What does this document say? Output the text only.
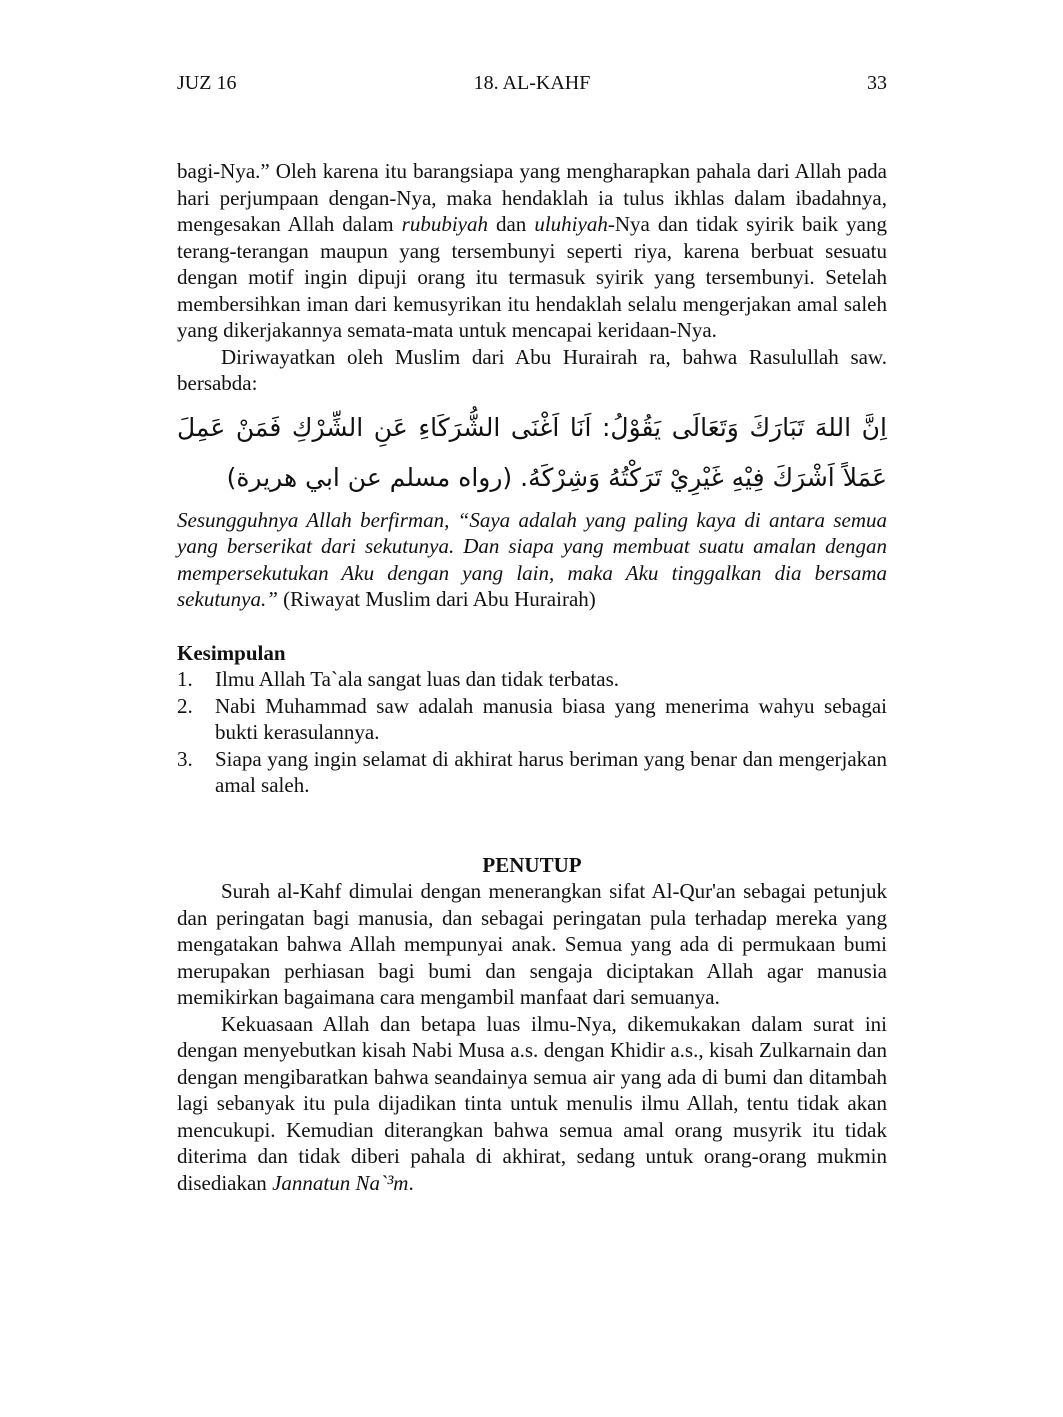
JUZ 16	18. AL-KAHF	33

bagi-Nya.” Oleh karena itu barangsiapa yang mengharapkan pahala dari Allah pada hari perjumpaan dengan-Nya, maka hendaklah ia tulus ikhlas dalam ibadahnya, mengesakan Allah dalam rububiyah dan uluhiyah-Nya dan tidak syirik baik yang terang-terangan maupun yang tersembunyi seperti riya, karena berbuat sesuatu dengan motif ingin dipuji orang itu termasuk syirik yang tersembunyi. Setelah membersihkan iman dari kemusyrikan itu hendaklah selalu mengerjakan amal saleh yang dikerjakannya semata-mata untuk mencapai keridaan-Nya.

Diriwayatkan oleh Muslim dari Abu Hurairah ra, bahwa Rasulullah saw. bersabda:

اِنَّ اللهَ تَبَارَكَ وَتَعَالَى يَقُوْلُ: اَنَا اَغْنَى الشُّرَكَاءِ عَنِ الشِّرْكِ فَمَنْ عَمِلَ عَمَلاً اَشْرَكَ فِيْهِ غَيْرِيْ تَرَكْتُهُ وَشِرْكَهُ. (رواه مسلم عن ابي هريرة)

Sesungguhnya Allah berfirman, “Saya adalah yang paling kaya di antara semua yang berserikat dari sekutunya. Dan siapa yang membuat suatu amalan dengan mempersekutukan Aku dengan yang lain, maka Aku tinggalkan dia bersama sekutunya.” (Riwayat Muslim dari Abu Hurairah)

Kesimpulan

1. Ilmu Allah Ta`ala sangat luas dan tidak terbatas.
2. Nabi Muhammad saw adalah manusia biasa yang menerima wahyu sebagai bukti kerasulannya.
3. Siapa yang ingin selamat di akhirat harus beriman yang benar dan mengerjakan amal saleh.

PENUTUP

Surah al-Kahf dimulai dengan menerangkan sifat Al-Qur'an sebagai petunjuk dan peringatan bagi manusia, dan sebagai peringatan pula terhadap mereka yang mengatakan bahwa Allah mempunyai anak. Semua yang ada di permukaan bumi merupakan perhiasan bagi bumi dan sengaja diciptakan Allah agar manusia memikirkan bagaimana cara mengambil manfaat dari semuanya.

Kekuasaan Allah dan betapa luas ilmu-Nya, dikemukakan dalam surat ini dengan menyebutkan kisah Nabi Musa a.s. dengan Khidir a.s., kisah Zulkarnain dan dengan mengibaratkan bahwa seandainya semua air yang ada di bumi dan ditambah lagi sebanyak itu pula dijadikan tinta untuk menulis ilmu Allah, tentu tidak akan mencukupi. Kemudian diterangkan bahwa semua amal orang musyrik itu tidak diterima dan tidak diberi pahala di akhirat, sedang untuk orang-orang mukmin disediakan Jannatun Na`³m.
